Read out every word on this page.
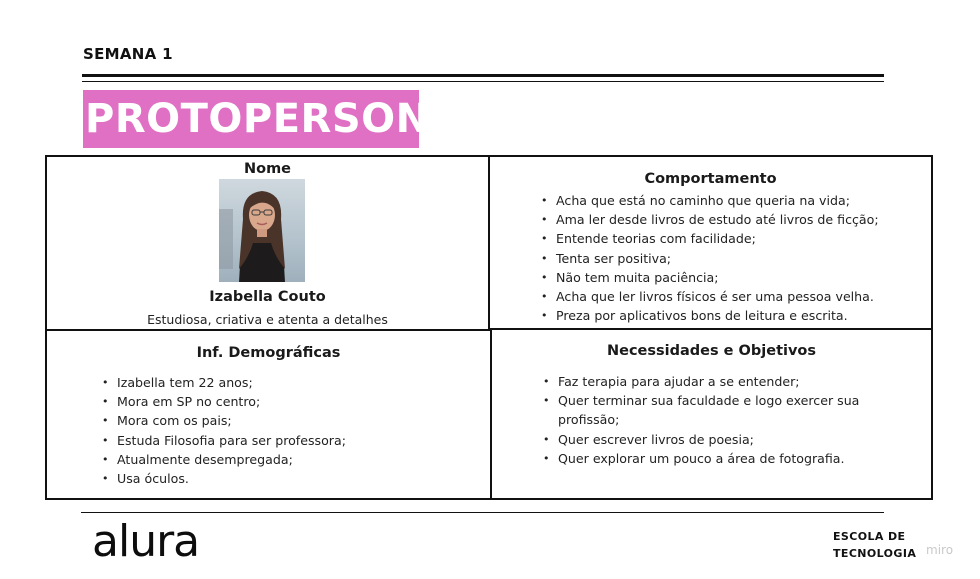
SEMANA 1
PROTOPERSONA
Nome
Izabella Couto
Estudiosa, criativa e atenta a detalhes
Comportamento
• Acha que está no caminho que queria na vida;
• Ama ler desde livros de estudo até livros de ficção;
• Entende teorias com facilidade;
• Tenta ser positiva;
• Não tem muita paciência;
• Acha que ler livros físicos é ser uma pessoa velha.
• Preza por aplicativos bons de leitura e escrita.
Inf. Demográficas
• Izabella tem 22 anos;
• Mora em SP no centro;
• Mora com os pais;
• Estuda Filosofia para ser professora;
• Atualmente desempregada;
• Usa óculos.
Necessidades e Objetivos
• Faz terapia para ajudar a se entender;
• Quer terminar sua faculdade e logo exercer sua profissão;
• Quer escrever livros de poesia;
• Quer explorar um pouco a área de fotografia.
alura	ESCOLA DE
TECNOLOGIA miro
